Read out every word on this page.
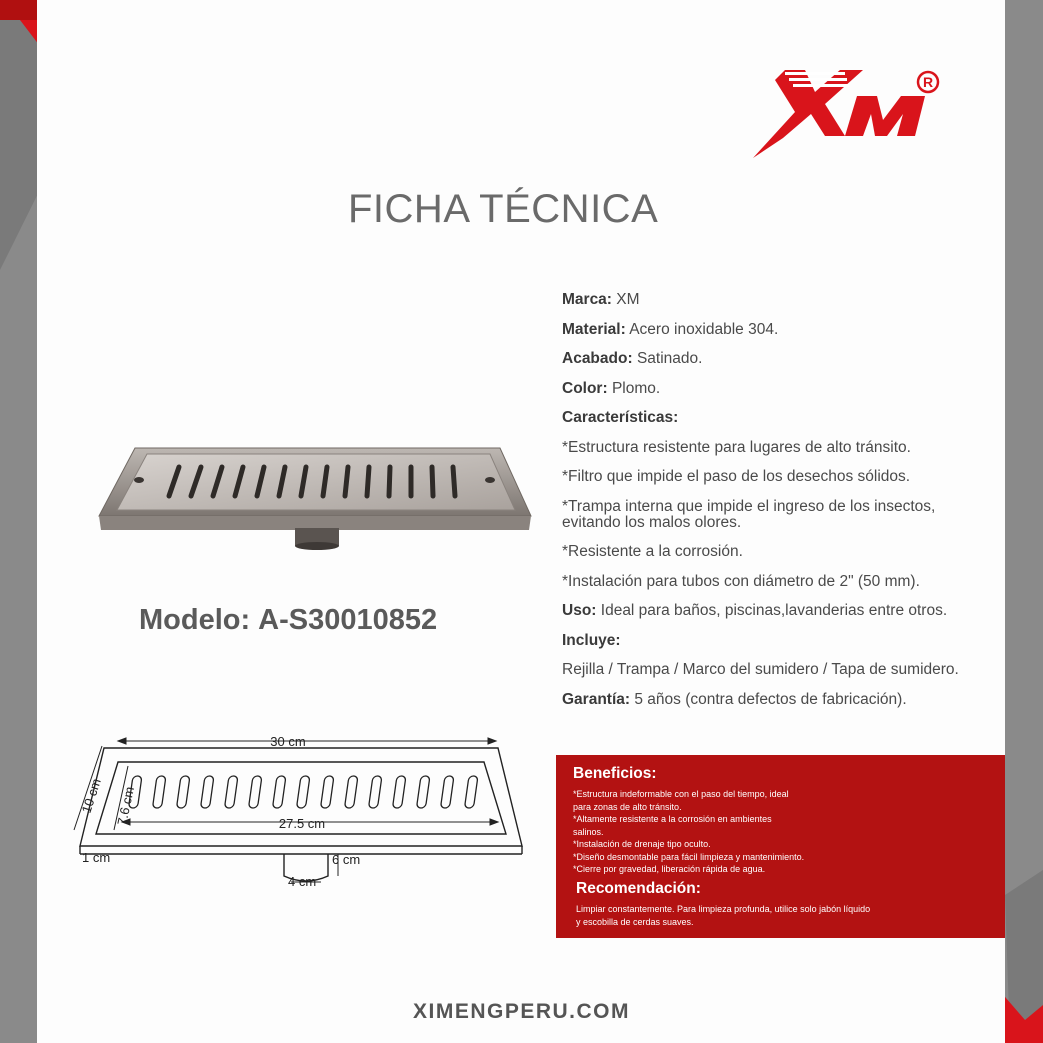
R
FICHA TÉCNICA
Modelo: A-S30010852
30 cm
27.5 cm
10 cm 7.6 cm
1 cm	6 cm
4 cm

Marca: XM

Material: Acero inoxidable 304.

Acabado: Satinado.

Color: Plomo.

Características:

*Estructura resistente para lugares de alto tránsito.

*Filtro que impide el paso de los desechos sólidos.

*Trampa interna que impide el ingreso de los insectos, evitando los malos olores.

*Resistente a la corrosión.

*Instalación para tubos con diámetro de 2" (50 mm).

Uso: Ideal para baños, piscinas,lavanderias entre otros.

Incluye:

Rejilla / Trampa / Marco del sumidero / Tapa de sumidero.

Garantía: 5 años (contra defectos de fabricación).

Beneficios:
*Estructura indeformable con el paso del tiempo, ideal
para zonas de alto tránsito.
*Altamente resistente a la corrosión en ambientes
salinos.
*Instalación de drenaje tipo oculto.
*Diseño desmontable para fácil limpieza y mantenimiento.
*Cierre por gravedad, liberación rápida de agua.
Recomendación:
Limpiar constantemente. Para limpieza profunda, utilice solo jabón líquido
y escobilla de cerdas suaves.
XIMENGPERU.COM
